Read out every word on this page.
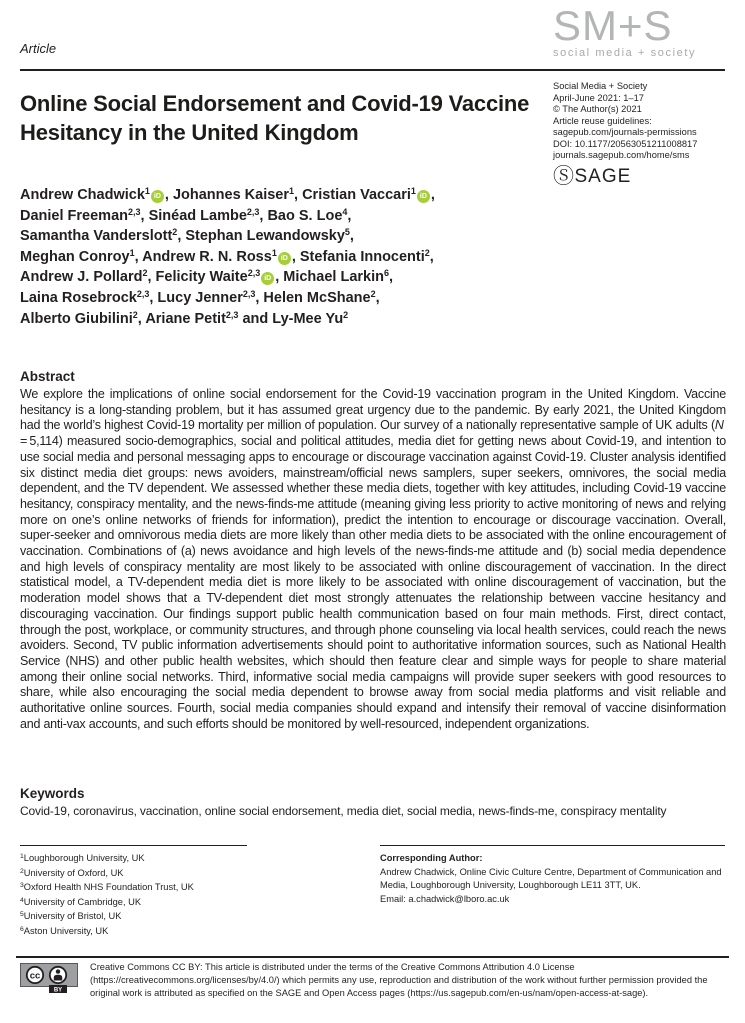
Article	SM+S
social media + society
Online Social Endorsement and Covid-19 Vaccine Hesitancy in the United Kingdom
Social Media + Society
April-June 2021: 1–17
© The Author(s) 2021
Article reuse guidelines:
sagepub.com/journals-permissions
DOI: 10.1177/20563051211008817
journals.sagepub.com/home/sms
ⓈSAGE
Andrew Chadwick$^1$iD , Johannes Kaiser$^1$, Cristian Vaccari$^1$iD ,
Daniel Freeman$^{2,3}$, Sinéad Lambe$^{2,3}$, Bao S. Loe$^4$,
Samantha Vanderslott$^2$, Stephan Lewandowsky$^5$,
Meghan Conroy$^1$, Andrew R. N. Ross$^1$iD , Stefania Innocenti$^2$,
Andrew J. Pollard$^2$, Felicity Waite$^{2,3}$iD , Michael Larkin$^6$,
Laina Rosebrock$^{2,3}$, Lucy Jenner$^{2,3}$, Helen McShane$^2$,
Alberto Giubilini$^2$, Ariane Petit$^{2,3}$ and Ly-Mee Yu$^2$
Abstract
We explore the implications of online social endorsement for the Covid-19 vaccination program in the United Kingdom. Vaccine hesitancy is a long-standing problem, but it has assumed great urgency due to the pandemic. By early 2021, the United Kingdom had the world’s highest Covid-19 mortality per million of population. Our survey of a nationally representative sample of UK adults (N = 5,114) measured socio-demographics, social and political attitudes, media diet for getting news about Covid-19, and intention to use social media and personal messaging apps to encourage or discourage vaccination against Covid-19. Cluster analysis identified six distinct media diet groups: news avoiders, mainstream/official news samplers, super seekers, omnivores, the social media dependent, and the TV dependent. We assessed whether these media diets, together with key attitudes, including Covid-19 vaccine hesitancy, conspiracy mentality, and the news-finds-me attitude (meaning giving less priority to active monitoring of news and relying more on one’s online networks of friends for information), predict the intention to encourage or discourage vaccination. Overall, super-seeker and omnivorous media diets are more likely than other media diets to be associated with the online encouragement of vaccination. Combinations of (a) news avoidance and high levels of the news-finds-me attitude and (b) social media dependence and high levels of conspiracy mentality are most likely to be associated with online discouragement of vaccination. In the direct statistical model, a TV-dependent media diet is more likely to be associated with online discouragement of vaccination, but the moderation model shows that a TV-dependent diet most strongly attenuates the relationship between vaccine hesitancy and discouraging vaccination. Our findings support public health communication based on four main methods. First, direct contact, through the post, workplace, or community structures, and through phone counseling via local health services, could reach the news avoiders. Second, TV public information advertisements should point to authoritative information sources, such as National Health Service (NHS) and other public health websites, which should then feature clear and simple ways for people to share material among their online social networks. Third, informative social media campaigns will provide super seekers with good resources to share, while also encouraging the social media dependent to browse away from social media platforms and visit reliable and authoritative online sources. Fourth, social media companies should expand and intensify their removal of vaccine disinformation and anti-vax accounts, and such efforts should be monitored by well-resourced, independent organizations.
Keywords
Covid-19, coronavirus, vaccination, online social endorsement, media diet, social media, news-finds-me, conspiracy mentality
$^1$Loughborough University, UK
$^2$University of Oxford, UK
$^3$Oxford Health NHS Foundation Trust, UK
$^4$University of Cambridge, UK
$^5$University of Bristol, UK
$^6$Aston University, UK
Corresponding Author:
Andrew Chadwick, Online Civic Culture Centre, Department of Communication and Media, Loughborough University, Loughborough LE11 3TT, UK.
Email: a.chadwick@lboro.ac.uk
cc
BY
Creative Commons CC BY: This article is distributed under the terms of the Creative Commons Attribution 4.0 License (https://creativecommons.org/licenses/by/4.0/) which permits any use, reproduction and distribution of the work without further permission provided the original work is attributed as specified on the SAGE and Open Access pages (https://us.sagepub.com/en-us/nam/open-access-at-sage).
